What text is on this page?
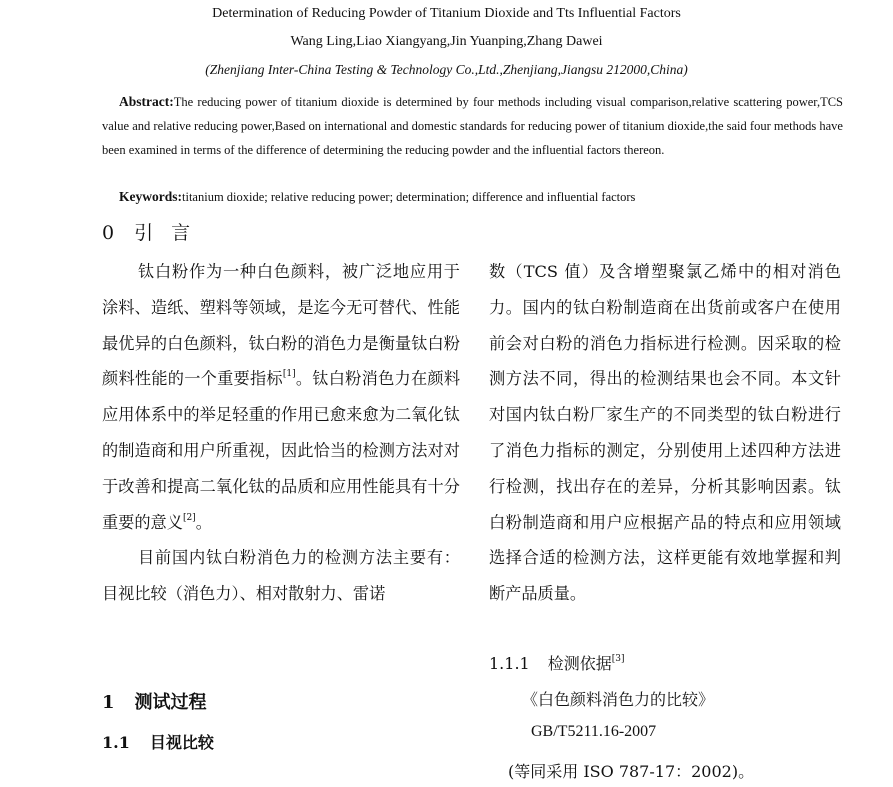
Determination of Reducing Powder of Titanium Dioxide and Tts Influential Factors
Wang Ling,Liao Xiangyang,Jin Yuanping,Zhang Dawei
(Zhenjiang Inter-China Testing & Technology Co.,Ltd.,Zhenjiang,Jiangsu 212000,China)
Abstract:The reducing power of titanium dioxide is determined by four methods including visual comparison,relative scattering power,TCS value and relative reducing power,Based on international and domestic standards for reducing power of titanium dioxide,the said four methods have been examined in terms of the difference of determining the reducing powder and the influential factors thereon.
Keywords:titanium dioxide; relative reducing power; determination; difference and influential factors
0 引 言

钛白粉作为一种白色颜料，被广泛地应用于涂料、造纸、塑料等领域，是迄今无可替代、性能最优异的白色颜料，钛白粉的消色力是衡量钛白粉颜料性能的一个重要指标[1]。钛白粉消色力在颜料应用体系中的举足轻重的作用已愈来愈为二氧化钛的制造商和用户所重视，因此恰当的检测方法对对于改善和提高二氧化钛的品质和应用性能具有十分重要的意义[2]。

目前国内钛白粉消色力的检测方法主要有：目视比较（消色力）、相对散射力、雷诺

数（TCS 值）及含增塑聚氯乙烯中的相对消色力。国内的钛白粉制造商在出货前或客户在使用前会对白粉的消色力指标进行检测。因采取的检测方法不同，得出的检测结果也会不同。本文针对国内钛白粉厂家生产的不同类型的钛白粉进行了消色力指标的测定，分别使用上述四种方法进行检测，找出存在的差异，分析其影响因素。钛白粉制造商和用户应根据产品的特点和应用领域选择合适的检测方法，这样更能有效地掌握和判断产品质量。

1.1.1 检测依据[3]
《白色颜料消色力的比较》
GB/T5211.16-2007
(等同采用 ISO 787-17：2002)。
1 测试过程
1.1 目视比较
